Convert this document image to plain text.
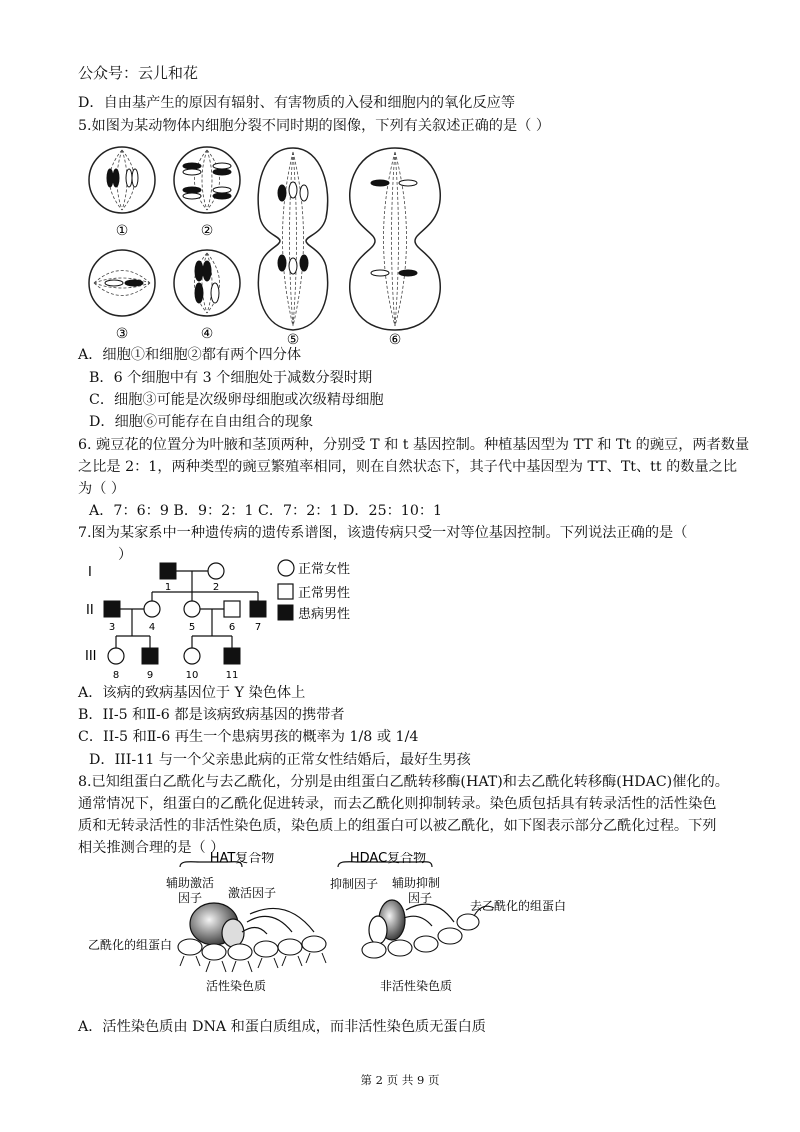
公众号：云儿和花
D．自由基产生的原因有辐射、有害物质的入侵和细胞内的氧化反应等
5.如图为某动物体内细胞分裂不同时期的图像，下列有关叙述正确的是（ ）
①	②
③	④	⑤	⑥
A．细胞①和细胞②都有两个四分体
B．6 个细胞中有 3 个细胞处于减数分裂时期
C．细胞③可能是次级卵母细胞或次级精母细胞
D．细胞⑥可能存在自由组合的现象
6. 豌豆花的位置分为叶腋和茎顶两种，分别受 T 和 t 基因控制。种植基因型为 TT 和 Tt 的豌豆，两者数量
之比是 2：1，两种类型的豌豆繁殖率相同，则在自然状态下，其子代中基因型为 TT、Tt、tt 的数量之比
为（ ）
A．7：6：9 B．9：2：1 C．7：2：1 D．25：10：1
7.图为某家系中一种遗传病的遗传系谱图，该遗传病只受一对等位基因控制。下列说法正确的是（
）
I
II
III
1	2
3	4	5	6 7
8	9	10	11
正常女性
正常男性
患病男性
A．该病的致病基因位于 Y 染色体上
B．II-5 和Ⅱ-6 都是该病致病基因的携带者
C．II-5 和Ⅱ-6 再生一个患病男孩的概率为 1/8 或 1/4
D．III-11 与一个父亲患此病的正常女性结婚后，最好生男孩
8.已知组蛋白乙酰化与去乙酰化，分别是由组蛋白乙酰转移酶(HAT)和去乙酰化转移酶(HDAC)催化的。
通常情况下，组蛋白的乙酰化促进转录，而去乙酰化则抑制转录。染色质包括具有转录活性的活性染色
质和无转录活性的非活性染色质，染色质上的组蛋白可以被乙酰化，如下图表示部分乙酰化过程。下列
相关推测合理的是（ ）
HAT复合物
辅助激活
因子 激活因子
乙酰化的组蛋白
活性染色质
HDAC复合物
抑制因子 辅助抑制
因子
去乙酰化的组蛋白
非活性染色质
A．活性染色质由 DNA 和蛋白质组成，而非活性染色质无蛋白质
第 2 页 共 9 页
